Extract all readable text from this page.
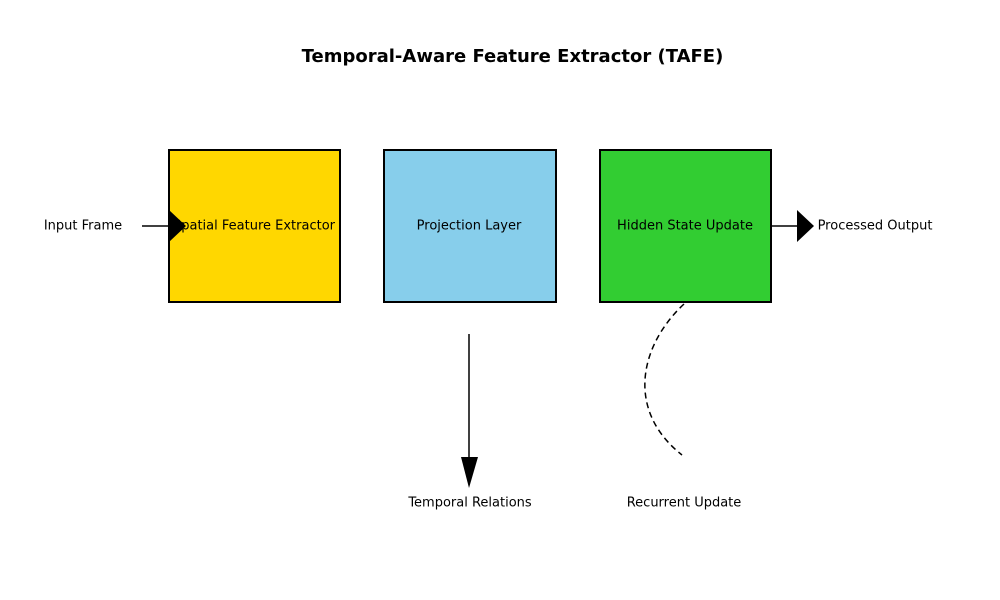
Temporal-Aware Feature Extractor (TAFE)
Spatial Feature Extractor	Projection Layer	Hidden State Update
Input Frame	Processed Output
Temporal Relations	Recurrent Update
